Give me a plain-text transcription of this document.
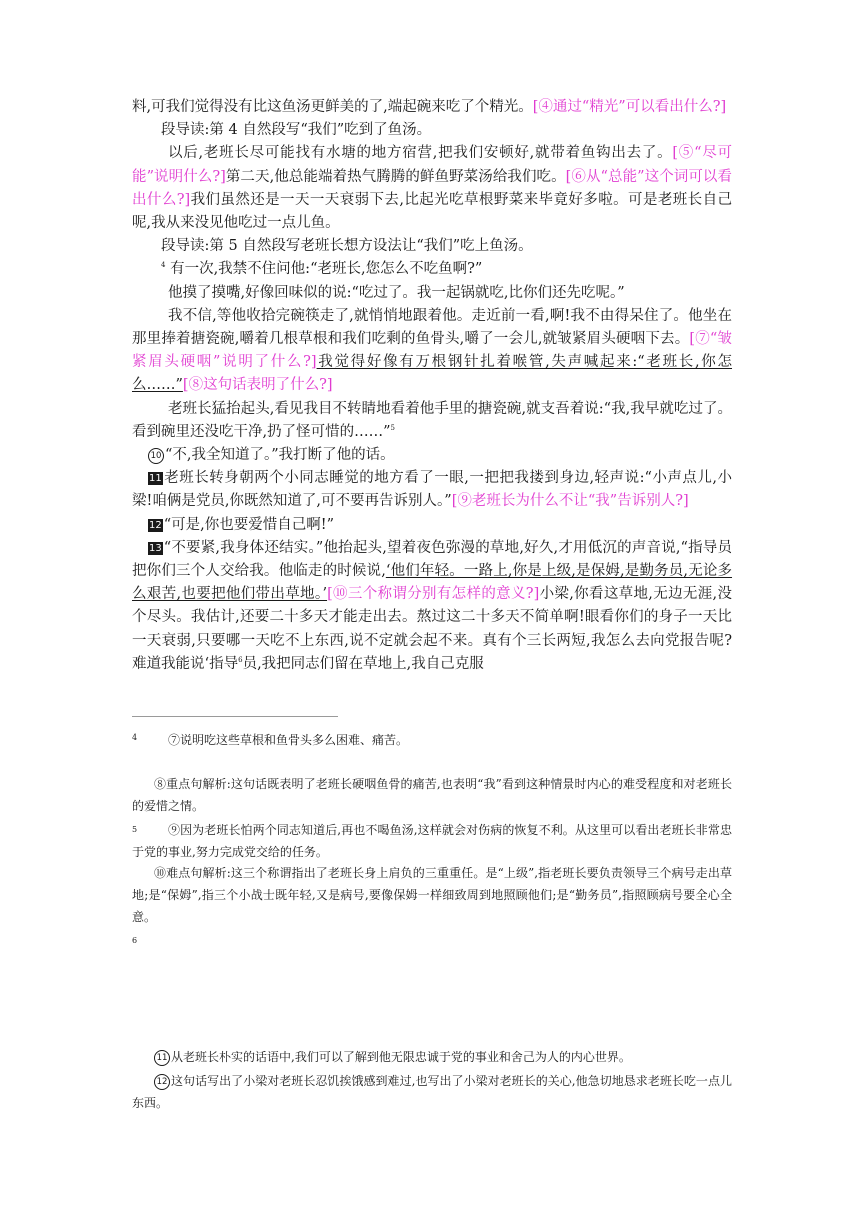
料,可我们觉得没有比这鱼汤更鲜美的了,端起碗来吃了个精光。[④通过“精光”可以看出什么?]

段导读:第 4 自然段写“我们”吃到了鱼汤。

以后,老班长尽可能找有水塘的地方宿营,把我们安顿好,就带着鱼钩出去了。[⑤“尽可能”说明什么?]第二天,他总能端着热气腾腾的鲜鱼野菜汤给我们吃。[⑥从“总能”这个词可以看出什么?]我们虽然还是一天一天衰弱下去,比起光吃草根野菜来毕竟好多啦。可是老班长自己呢,我从来没见他吃过一点儿鱼。

段导读:第 5 自然段写老班长想方设法让“我们”吃上鱼汤。

$^4$ 有一次,我禁不住问他:“老班长,您怎么不吃鱼啊?”

他摸了摸嘴,好像回味似的说:“吃过了。我一起锅就吃,比你们还先吃呢。”

我不信,等他收拾完碗筷走了,就悄悄地跟着他。走近前一看,啊!我不由得呆住了。他坐在那里捧着搪瓷碗,嚼着几根草根和我们吃剩的鱼骨头,嚼了一会儿,就皱紧眉头硬咽下去。[⑦“皱紧眉头硬咽”说明了什么?]我觉得好像有万根钢针扎着喉管,失声喊起来:“老班长,你怎么……”[⑧这句话表明了什么?]

老班长猛抬起头,看见我目不转睛地看着他手里的搪瓷碗,就支吾着说:“我,我早就吃过了。看到碗里还没吃干净,扔了怪可惜的……”$^5$

10 “不,我全知道了。”我打断了他的话。

11 老班长转身朝两个小同志睡觉的地方看了一眼,一把把我搂到身边,轻声说:“小声点儿,小梁!咱俩是党员,你既然知道了,可不要再告诉别人。”[⑨老班长为什么不让“我”告诉别人?]

12 “可是,你也要爱惜自己啊!”

13 “不要紧,我身体还结实。”他抬起头,望着夜色弥漫的草地,好久,才用低沉的声音说,“指导员把你们三个人交给我。他临走的时候说,‘他们年轻。一路上,你是上级,是保姆,是勤务员,无论多么艰苦,也要把他们带出草地。’[⑩三个称谓分别有怎样的意义?]小梁,你看这草地,无边无涯,没个尽头。我估计,还要二十多天才能走出去。熬过这二十多天不简单啊!眼看你们的身子一天比一天衰弱,只要哪一天吃不上东西,说不定就会起不来。真有个三长两短,我怎么去向党报告呢?难道我能说‘指导$^6$员,我把同志们留在草地上,我自己克服

4	⑦说明吃这些草根和鱼骨头多么困难、痛苦。

⑧重点句解析:这句话既表明了老班长硬咽鱼骨的痛苦,也表明“我”看到这种情景时内心的难受程度和对老班长的爱惜之情。

5	⑨因为老班长怕两个同志知道后,再也不喝鱼汤,这样就会对伤病的恢复不利。从这里可以看出老班长非常忠于党的事业,努力完成党交给的任务。

⑩难点句解析:这三个称谓指出了老班长身上肩负的三重重任。是“上级”,指老班长要负责领导三个病号走出草地;是“保姆”,指三个小战士既年轻,又是病号,要像保姆一样细致周到地照顾他们;是“勤务员”,指照顾病号要全心全意。

6

11 从老班长朴实的话语中,我们可以了解到他无限忠诚于党的事业和舍己为人的内心世界。

12 这句话写出了小梁对老班长忍饥挨饿感到难过,也写出了小梁对老班长的关心,他急切地恳求老班长吃一点儿东西。
